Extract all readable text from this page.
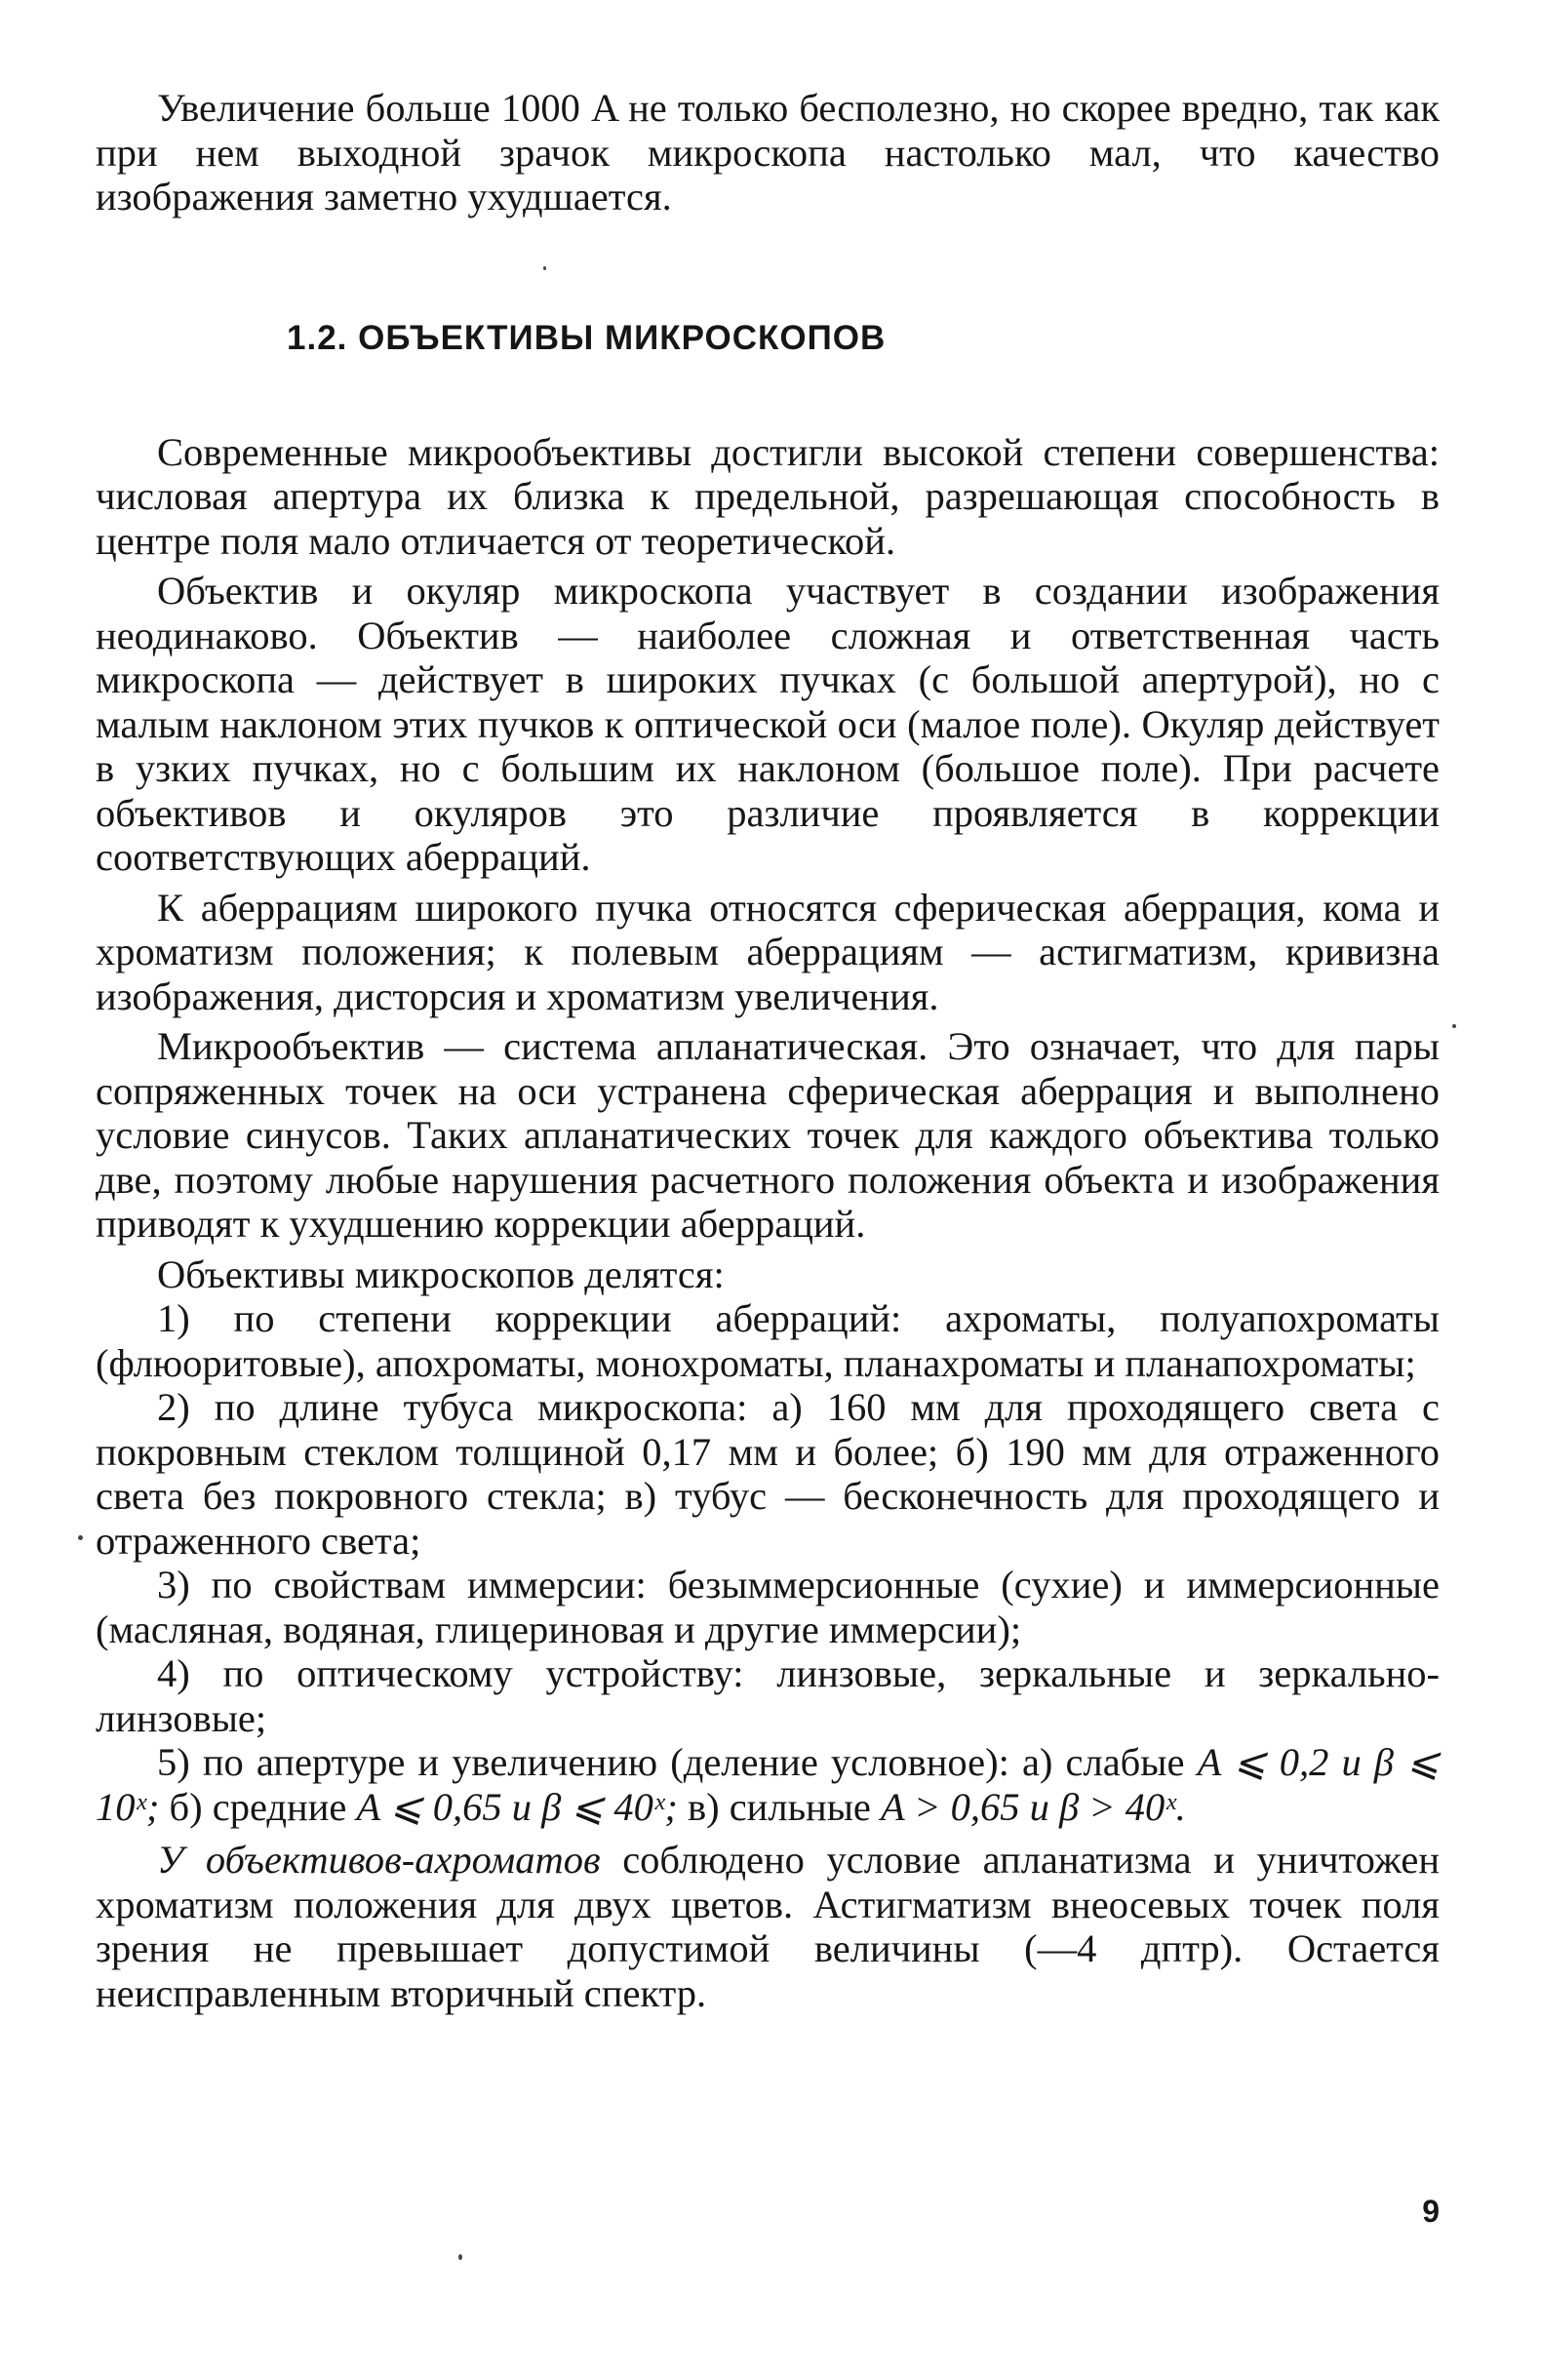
Увеличение больше 1000 A не только бесполезно, но скорее вредно, так как при нем выходной зрачок микроскопа настолько мал, что качество изображения заметно ухудшается.

1.2. ОБЪЕКТИВЫ МИКРОСКОПОВ

Современные микрообъективы достигли высокой степени совершенства: числовая апертура их близка к предельной, разрешающая способность в центре поля мало отличается от теоретической.

Объектив и окуляр микроскопа участвует в создании изображения неодинаково. Объектив — наиболее сложная и ответственная часть микроскопа — действует в широких пучках (с большой апертурой), но с малым наклоном этих пучков к оптической оси (малое поле). Окуляр действует в узких пучках, но с большим их наклоном (большое поле). При расчете объективов и окуляров это различие проявляется в коррекции соответствующих аберраций.

К аберрациям широкого пучка относятся сферическая аберрация, кома и хроматизм положения; к полевым аберрациям — астигматизм, кривизна изображения, дисторсия и хроматизм увеличения.

Микрообъектив — система апланатическая. Это означает, что для пары сопряженных точек на оси устранена сферическая аберрация и выполнено условие синусов. Таких апланатических точек для каждого объектива только две, поэтому любые нарушения расчетного положения объекта и изображения приводят к ухудшению коррекции аберраций.

Объективы микроскопов делятся:

1) по степени коррекции аберраций: ахроматы, полуапохроматы (флюоритовые), апохроматы, монохроматы, планахроматы и планапохроматы;

2) по длине тубуса микроскопа: а) 160 мм для проходящего света с покровным стеклом толщиной 0,17 мм и более; б) 190 мм для отраженного света без покровного стекла; в) тубус — бесконечность для проходящего и отраженного света;

3) по свойствам иммерсии: безыммерсионные (сухие) и иммерсионные (масляная, водяная, глицериновая и другие иммерсии);

4) по оптическому устройству: линзовые, зеркальные и зеркально-линзовые;

5) по апертуре и увеличению (деление условное): а) слабые A ⩽ 0,2 и β ⩽ 10ˣ; б) средние A ⩽ 0,65 и β ⩽ 40ˣ; в) сильные A > 0,65 и β > 40ˣ.

У объективов-ахроматов соблюдено условие апланатизма и уничтожен хроматизм положения для двух цветов. Астигматизм внеосевых точек поля зрения не превышает допустимой величины (—4 дптр). Остается неисправленным вторичный спектр.

9
